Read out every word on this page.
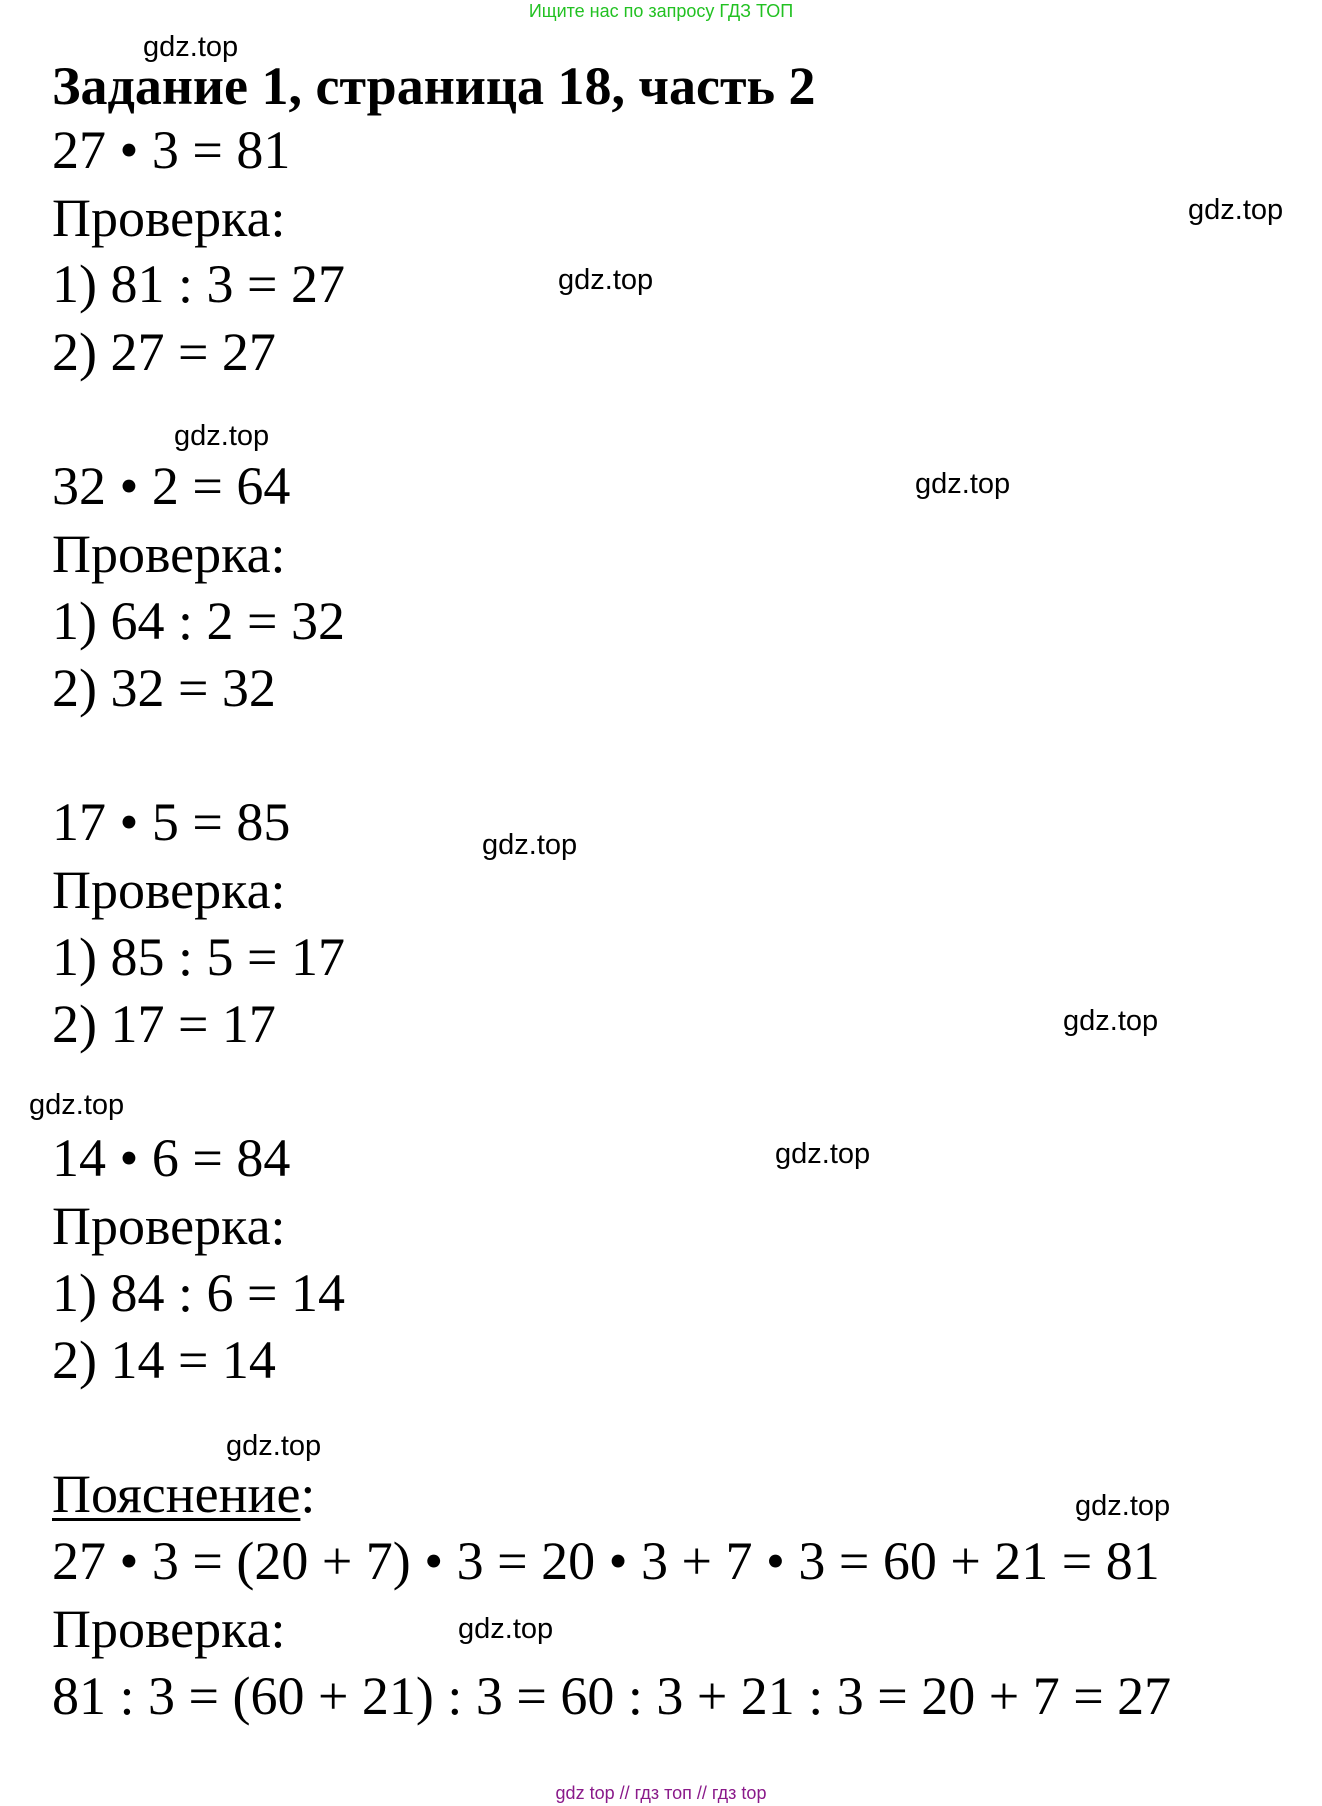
Ищите нас по запросу ГДЗ ТОП
gdz.top
Задание 1, страница 18, часть 2
27 • 3 = 81
Проверка:
1) 81 : 3 = 27
2) 27 = 27
gdz.top
gdz.top
gdz.top
32 • 2 = 64	gdz.top
Проверка:
1) 64 : 2 = 32
2) 32 = 32
17 • 5 = 85	gdz.top
Проверка:
1) 85 : 5 = 17
2) 17 = 17	gdz.top
gdz.top
14 • 6 = 84	gdz.top
Проверка:
1) 84 : 6 = 14
2) 14 = 14
gdz.top
Пояснение:	gdz.top
27 • 3 = (20 + 7) • 3 = 20 • 3 + 7 • 3 = 60 + 21 = 81
Проверка:	gdz.top
81 : 3 = (60 + 21) : 3 = 60 : 3 + 21 : 3 = 20 + 7 = 27
gdz top // гдз топ // гдз top
